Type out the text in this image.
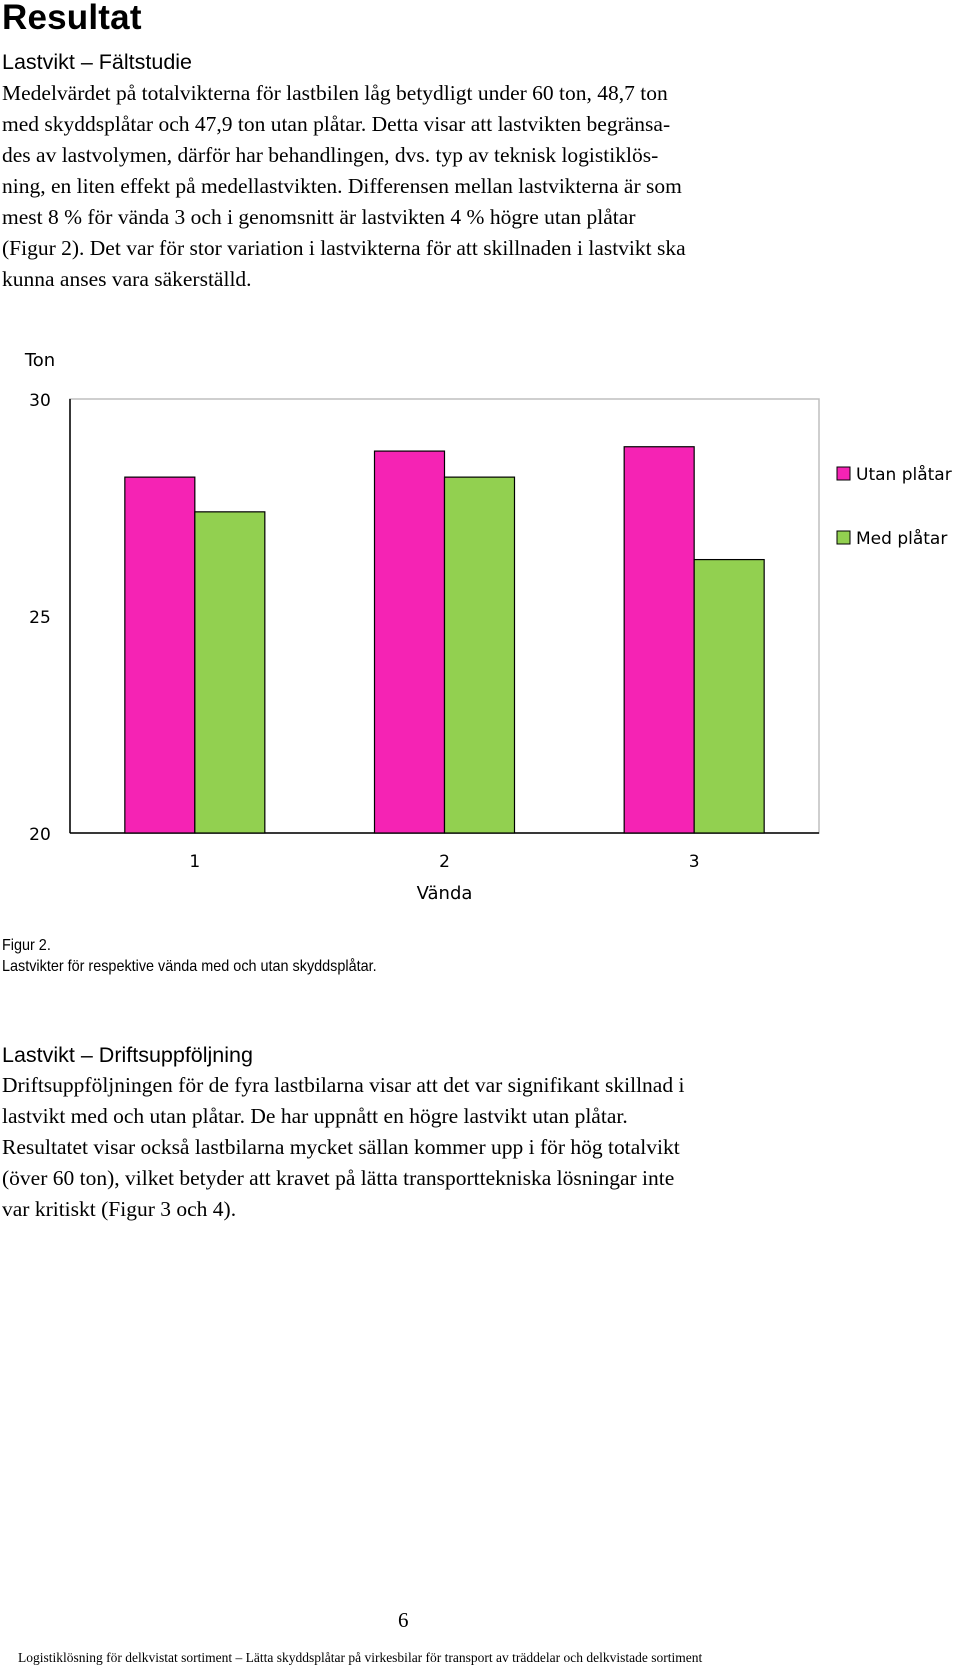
Resultat
Lastvikt – Fältstudie
Medelvärdet på totalvikterna för lastbilen låg betydligt under 60 ton, 48,7 ton
med skyddsplåtar och 47,9 ton utan plåtar. Detta visar att lastvikten begränsa-
des av lastvolymen, därför har behandlingen, dvs. typ av teknisk logistiklös-
ning, en liten effekt på medellastvikten. Differensen mellan lastvikterna är som
mest 8 % för vända 3 och i genomsnitt är lastvikten 4 % högre utan plåtar
(Figur 2). Det var för stor variation i lastvikterna för att skillnaden i lastvikt ska
kunna anses vara säkerställd.
30
25
20
Ton
1	2	3
Vända
Utan plåtar
Med plåtar
Figur 2.
Lastvikter för respektive vända med och utan skyddsplåtar.
Lastvikt – Driftsuppföljning
Driftsuppföljningen för de fyra lastbilarna visar att det var signifikant skillnad i
lastvikt med och utan plåtar. De har uppnått en högre lastvikt utan plåtar.
Resultatet visar också lastbilarna mycket sällan kommer upp i för hög totalvikt
(över 60 ton), vilket betyder att kravet på lätta transporttekniska lösningar inte
var kritiskt (Figur 3 och 4).
6
Logistiklösning för delkvistat sortiment – Lätta skyddsplåtar på virkesbilar för transport av träddelar och delkvistade sortiment
